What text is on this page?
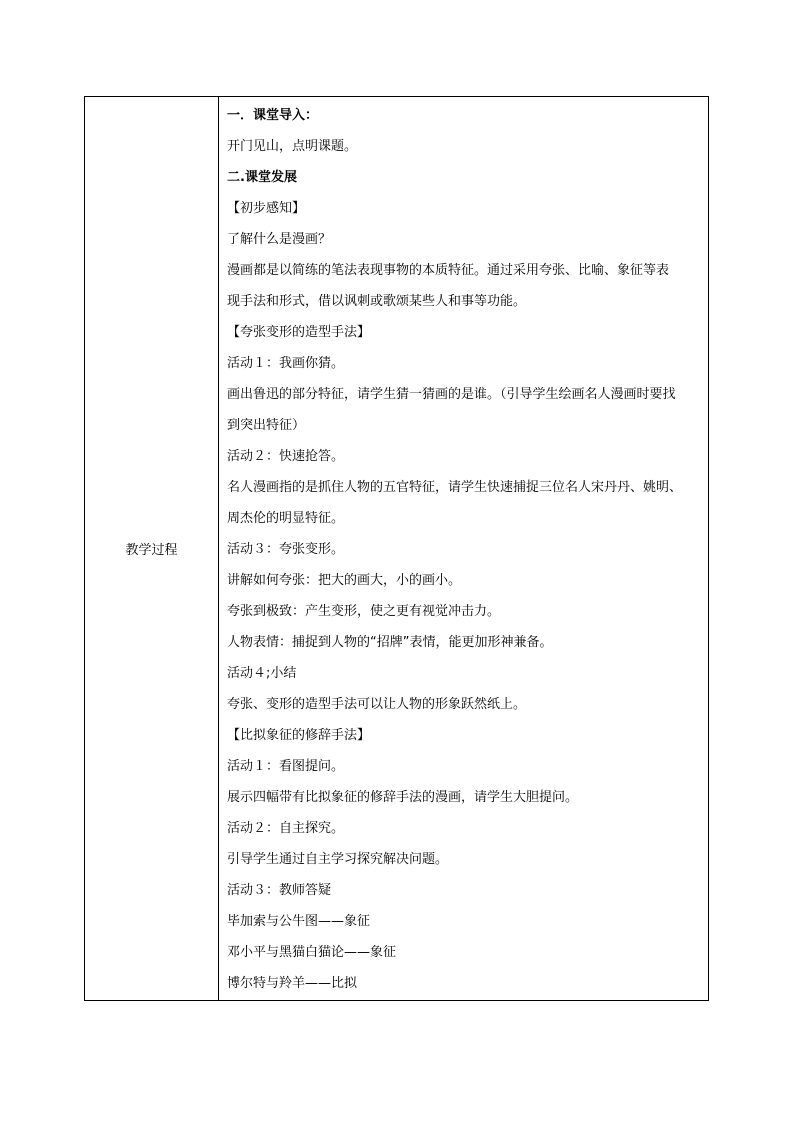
教学过程
一．课堂导入：
开门见山，点明课题。
二.课堂发展
【初步感知】
了解什么是漫画？
漫画都是以简练的笔法表现事物的本质特征。通过采用夸张、比喻、象征等表
现手法和形式，借以讽刺或歌颂某些人和事等功能。
【夸张变形的造型手法】
活动１：我画你猜。
画出鲁迅的部分特征，请学生猜一猜画的是谁。（引导学生绘画名人漫画时要找
到突出特征）
活动２：快速抢答。
名人漫画指的是抓住人物的五官特征，请学生快速捕捉三位名人宋丹丹、姚明、
周杰伦的明显特征。
活动３：夸张变形。
讲解如何夸张：把大的画大，小的画小。
夸张到极致：产生变形，使之更有视觉冲击力。
人物表情：捕捉到人物的“招牌”表情，能更加形神兼备。
活动４;小结
夸张、变形的造型手法可以让人物的形象跃然纸上。
【比拟象征的修辞手法】
活动１：看图提问。
展示四幅带有比拟象征的修辞手法的漫画，请学生大胆提问。
活动２：自主探究。
引导学生通过自主学习探究解决问题。
活动３：教师答疑
毕加索与公牛图——象征
邓小平与黑猫白猫论——象征
博尔特与羚羊——比拟
